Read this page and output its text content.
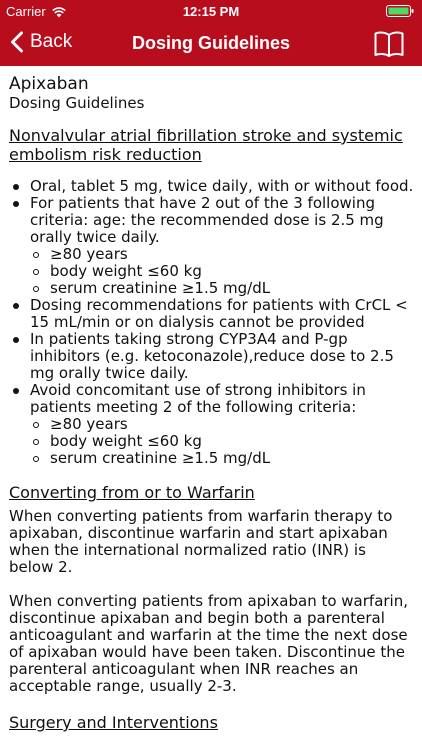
Carrier	12:15 PM
Back	Dosing Guidelines
Apixaban
Dosing Guidelines
Nonvalvular atrial fibrillation stroke and systemic embolism risk reduction
Oral, tablet 5 mg, twice daily, with or without food.
For patients that have 2 out of the 3 following criteria: age: the recommended dose is 2.5 mg orally twice daily.
≥80 years
body weight ≤60 kg
serum creatinine ≥1.5 mg/dL
Dosing recommendations for patients with CrCL < 15 mL/min or on dialysis cannot be provided
In patients taking strong CYP3A4 and P-gp inhibitors (e.g. ketoconazole),reduce dose to 2.5 mg orally twice daily.
Avoid concomitant use of strong inhibitors in patients meeting 2 of the following criteria:
≥80 years
body weight ≤60 kg
serum creatinine ≥1.5 mg/dL
Converting from or to Warfarin

When converting patients from warfarin therapy to apixaban, discontinue warfarin and start apixaban when the international normalized ratio (INR) is below 2.

When converting patients from apixaban to warfarin, discontinue apixaban and begin both a parenteral anticoagulant and warfarin at the time the next dose of apixaban would have been taken. Discontinue the parenteral anticoagulant when INR reaches an acceptable range, usually 2-3.

Surgery and Interventions
